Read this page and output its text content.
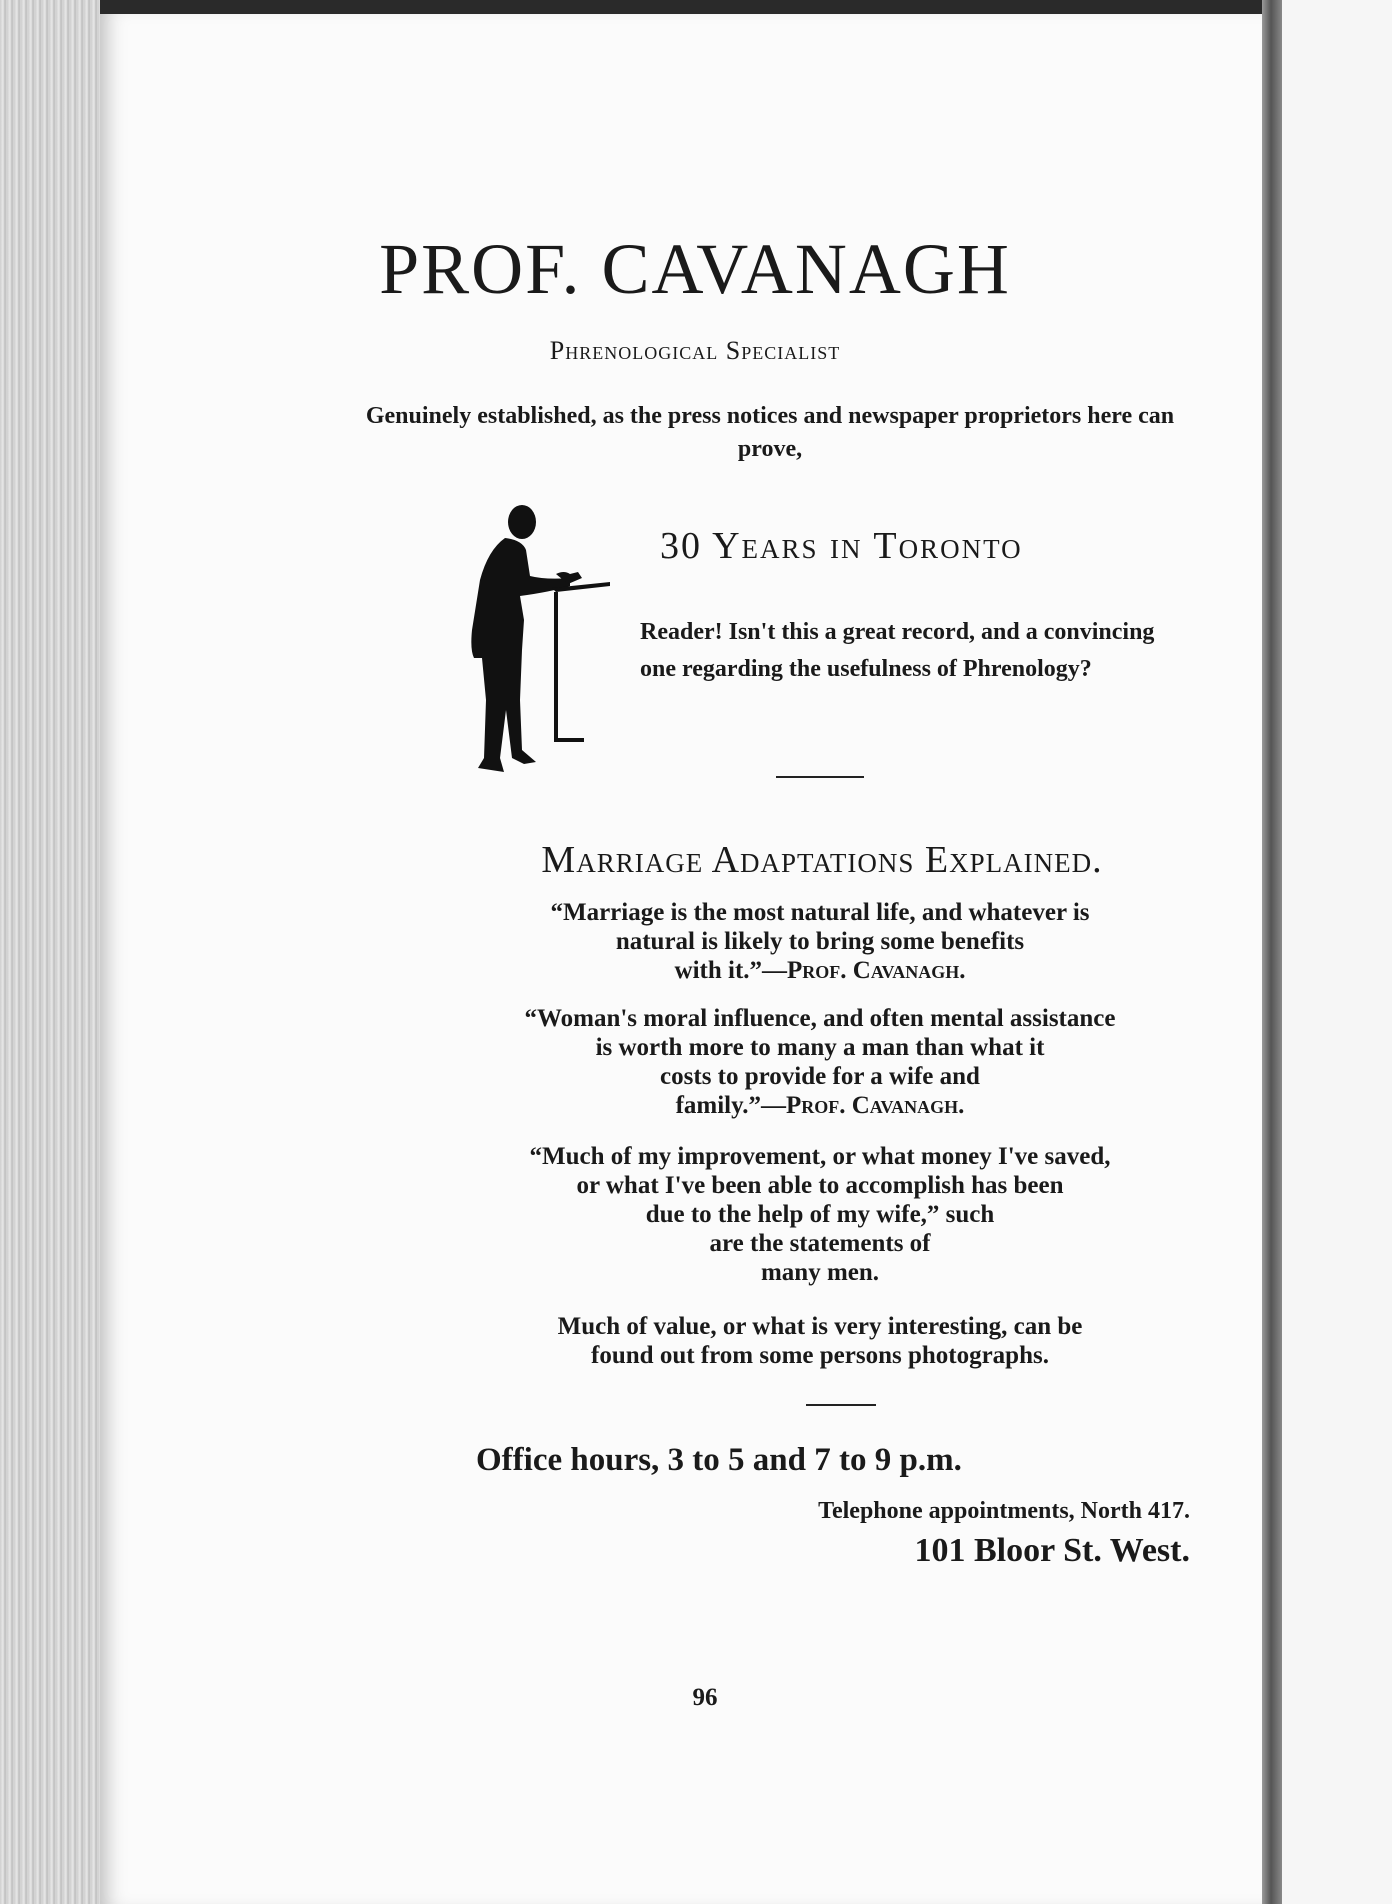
PROF. CAVANAGH
Phrenological Specialist
Genuinely established, as the press notices and newspaper proprietors here can prove,
30 Years in Toronto
Reader! Isn't this a great record, and a convincing one regarding the usefulness of Phrenology?
Marriage Adaptations Explained.
“Marriage is the most natural life, and whatever is
natural is likely to bring some benefits
with it.”—Prof. Cavanagh.
“Woman's moral influence, and often mental assistance
is worth more to many a man than what it
costs to provide for a wife and
family.”—Prof. Cavanagh.
“Much of my improvement, or what money I've saved,
or what I've been able to accomplish has been
due to the help of my wife,” such
are the statements of
many men.
Much of value, or what is very interesting, can be
found out from some persons photographs.
Office hours, 3 to 5 and 7 to 9 p.m.
Telephone appointments, North 417.
101 Bloor St. West.
96
